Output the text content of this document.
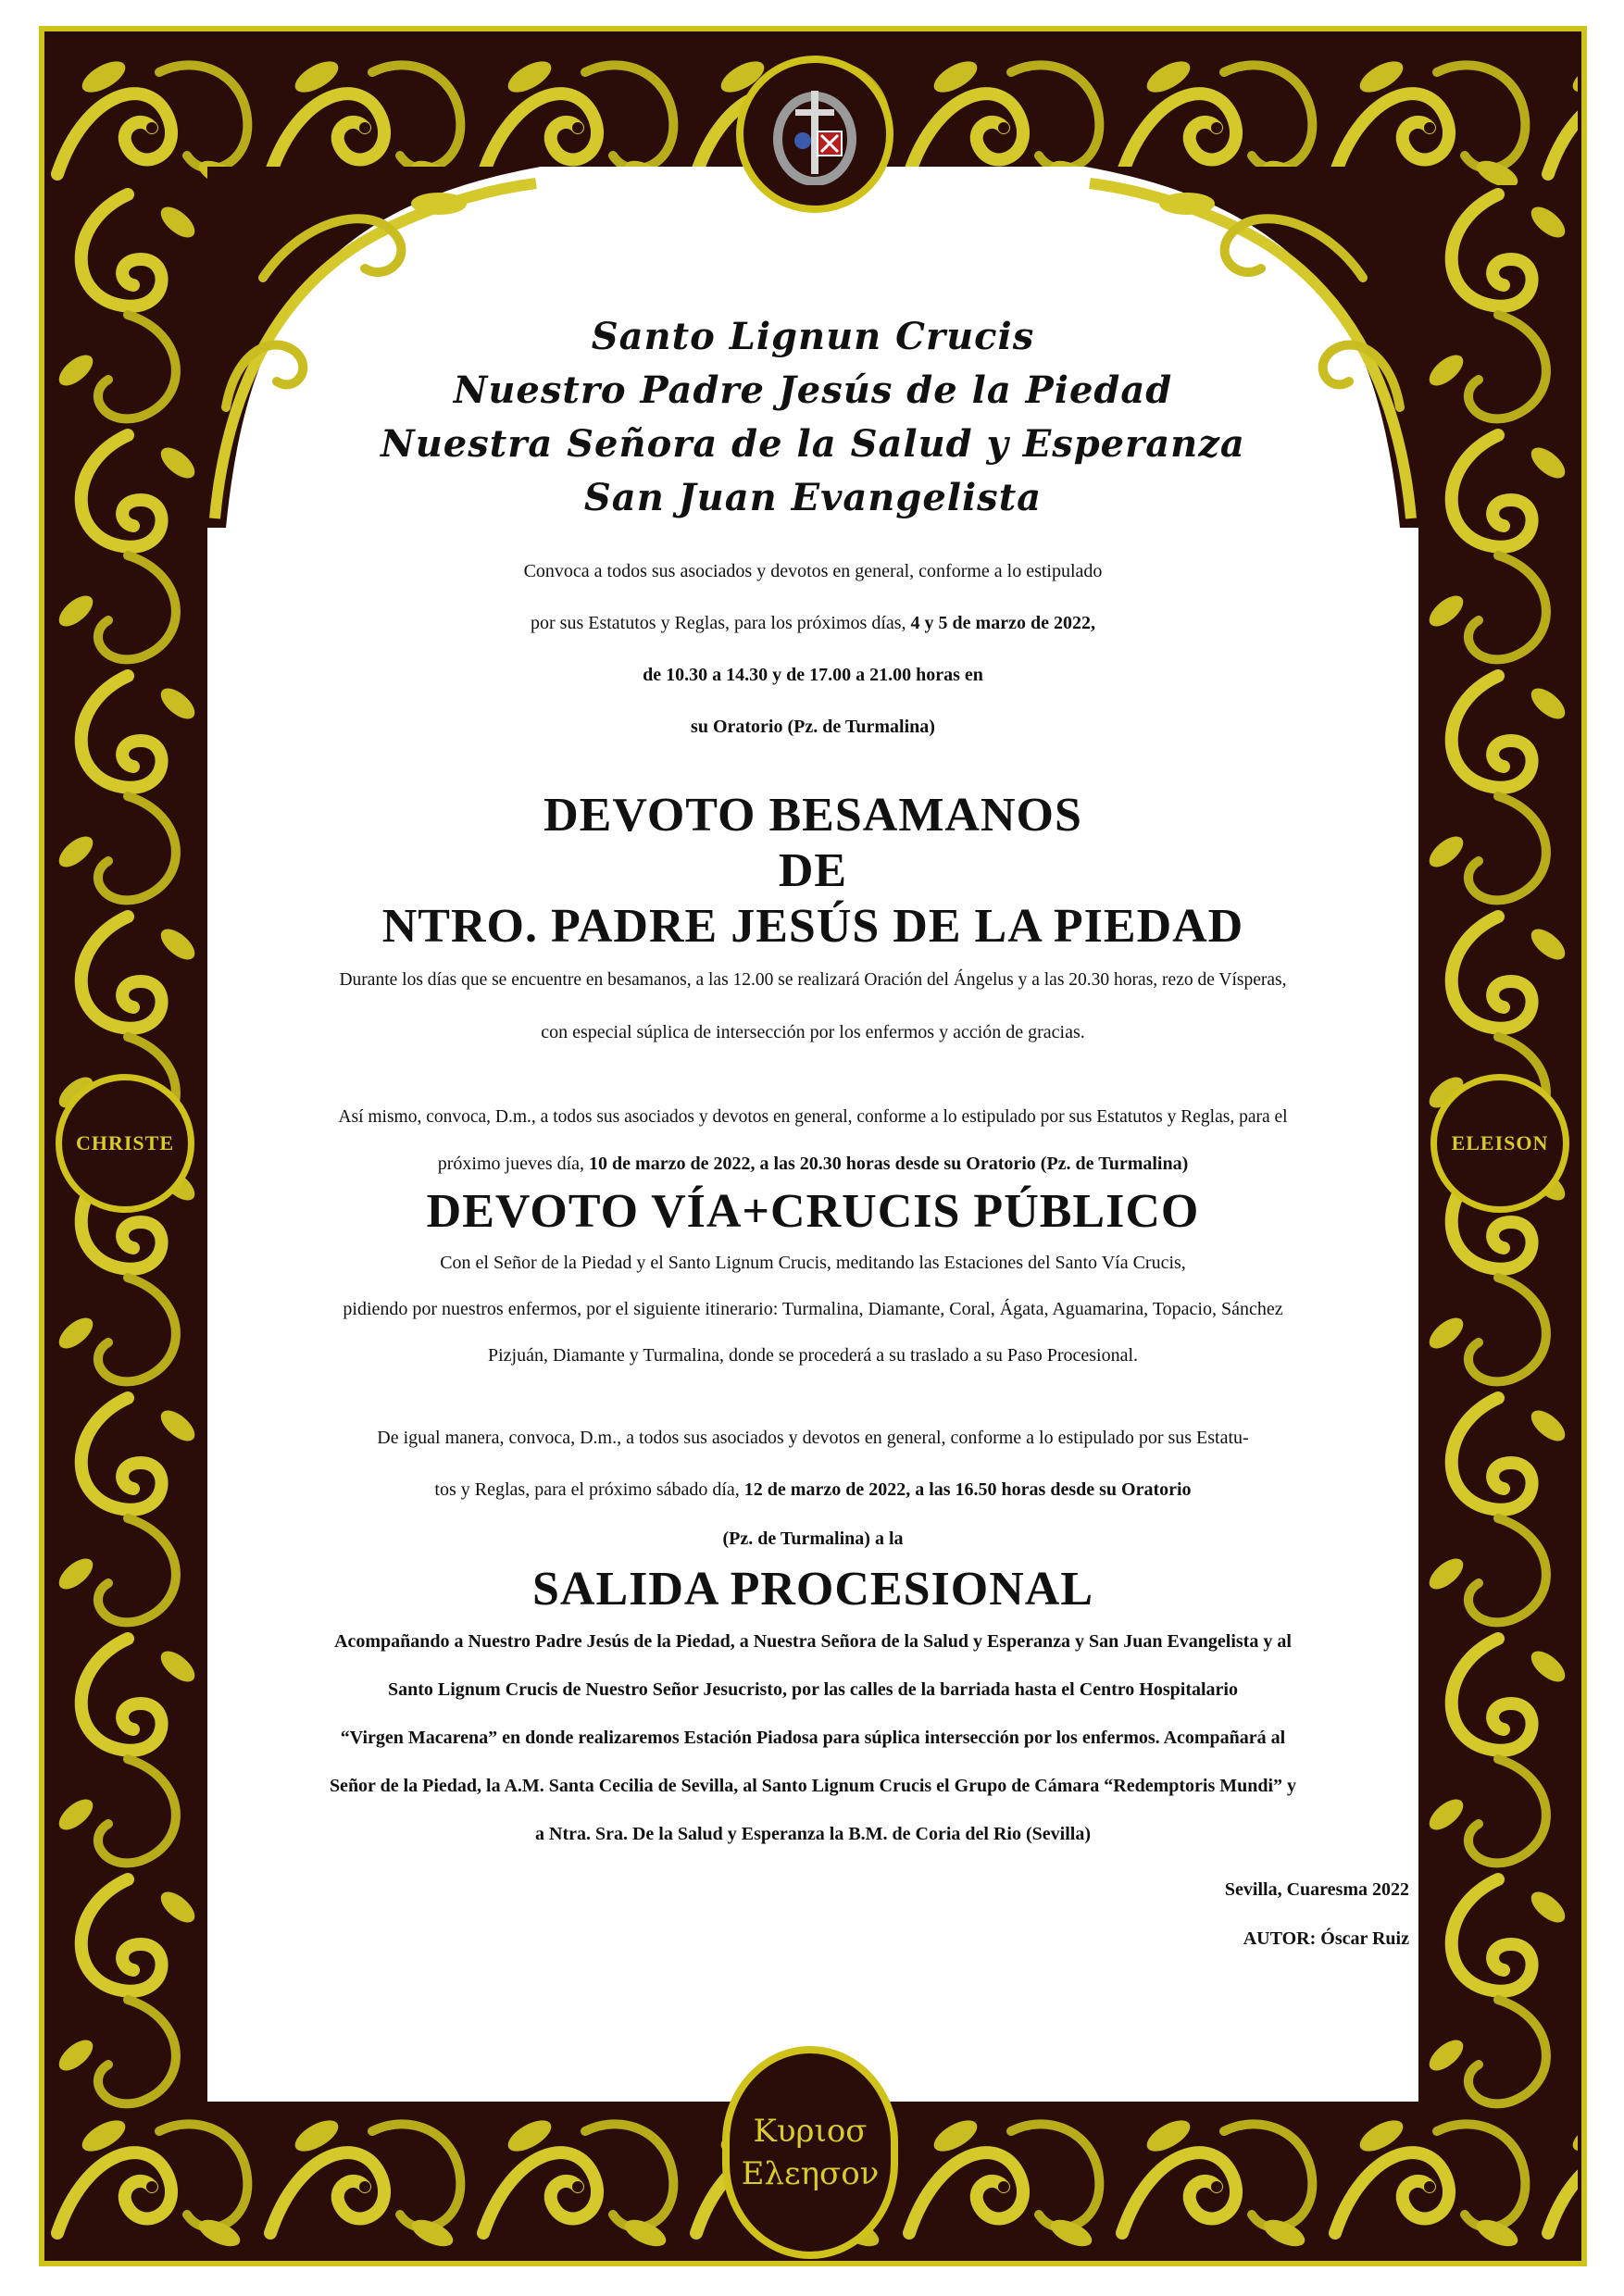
CHRISTE	ELEISON
Santo Lignun Crucis
Nuestro Padre Jesús de la Piedad
Nuestra Señora de la Salud y Esperanza
San Juan Evangelista

Convoca a todos sus asociados y devotos en general, conforme a lo estipulado

por sus Estatutos y Reglas, para los próximos días, 4 y 5 de marzo de 2022,

de 10.30 a 14.30 y de 17.00 a 21.00 horas en

su Oratorio (Pz. de Turmalina)

DEVOTO BESAMANOS
DE
NTRO. PADRE JESÚS DE LA PIEDAD

Durante los días que se encuentre en besamanos, a las 12.00 se realizará Oración del Ángelus y a las 20.30 horas, rezo de Vísperas,

con especial súplica de intersección por los enfermos y acción de gracias.

Así mismo, convoca, D.m., a todos sus asociados y devotos en general, conforme a lo estipulado por sus Estatutos y Reglas, para el

próximo jueves día, 10 de marzo de 2022, a las 20.30 horas desde su Oratorio (Pz. de Turmalina)

DEVOTO VÍA+CRUCIS PÚBLICO

Con el Señor de la Piedad y el Santo Lignum Crucis, meditando las Estaciones del Santo Vía Crucis,

pidiendo por nuestros enfermos, por el siguiente itinerario: Turmalina, Diamante, Coral, Ágata, Aguamarina, Topacio, Sánchez

Pizjuán, Diamante y Turmalina, donde se procederá a su traslado a su Paso Procesional.

De igual manera, convoca, D.m., a todos sus asociados y devotos en general, conforme a lo estipulado por sus Estatu-

tos y Reglas, para el próximo sábado día, 12 de marzo de 2022, a las 16.50 horas desde su Oratorio

(Pz. de Turmalina) a la

SALIDA PROCESIONAL

Acompañando a Nuestro Padre Jesús de la Piedad, a Nuestra Señora de la Salud y Esperanza y San Juan Evangelista y al

Santo Lignum Crucis de Nuestro Señor Jesucristo, por las calles de la barriada hasta el Centro Hospitalario

“Virgen Macarena” en donde realizaremos Estación Piadosa para súplica intersección por los enfermos. Acompañará al

Señor de la Piedad, la A.M. Santa Cecilia de Sevilla, al Santo Lignum Crucis el Grupo de Cámara “Redemptoris Mundi” y

a Ntra. Sra. De la Salud y Esperanza la B.M. de Coria del Rio (Sevilla)

Sevilla, Cuaresma 2022

AUTOR: Óscar Ruiz

Κυριοσ
Ελεησον
